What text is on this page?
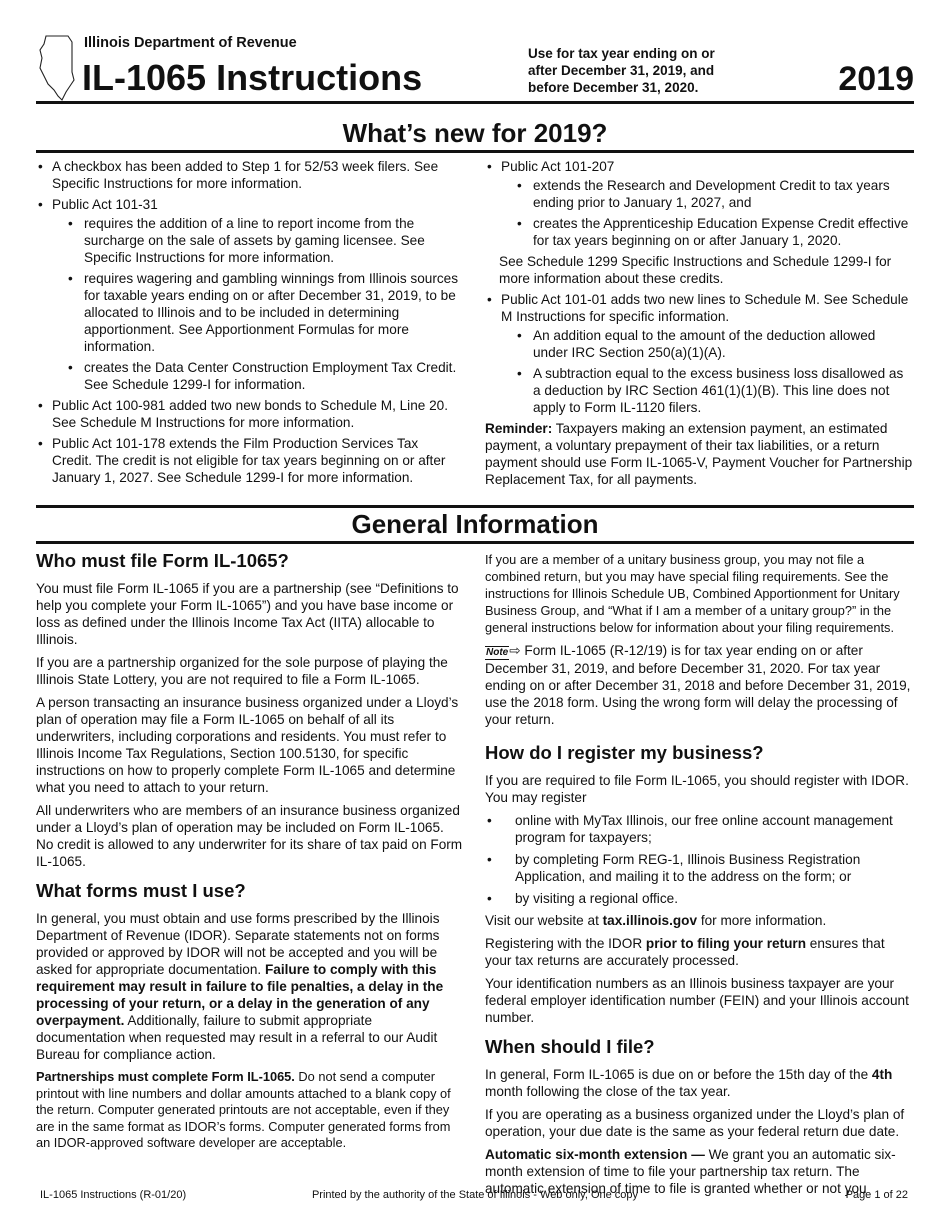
Illinois Department of Revenue
IL-1065 Instructions
Use for tax year ending on or
after December 31, 2019, and
before December 31, 2020.	2019
What’s new for 2019?
• A checkbox has been added to Step 1 for 52/53 week filers. See Specific Instructions for more information.
• Public Act 101-31
• requires the addition of a line to report income from the surcharge on the sale of assets by gaming licensee. See Specific Instructions for more information.
• requires wagering and gambling winnings from Illinois sources for taxable years ending on or after December 31, 2019, to be allocated to Illinois and to be included in determining apportionment. See Apportionment Formulas for more information.
• creates the Data Center Construction Employment Tax Credit. See Schedule 1299-I for information.
• Public Act 100-981 added two new bonds to Schedule M, Line 20. See Schedule M Instructions for more information.
• Public Act 101-178 extends the Film Production Services Tax Credit. The credit is not eligible for tax years beginning on or after January 1, 2027. See Schedule 1299-I for more information.
• Public Act 101-207
• extends the Research and Development Credit to tax years ending prior to January 1, 2027, and
• creates the Apprenticeship Education Expense Credit effective for tax years beginning on or after January 1, 2020.
See Schedule 1299 Specific Instructions and Schedule 1299-I for more information about these credits.
• Public Act 101-01 adds two new lines to Schedule M. See Schedule M Instructions for specific information.
• An addition equal to the amount of the deduction allowed under IRC Section 250(a)(1)(A).
• A subtraction equal to the excess business loss disallowed as a deduction by IRC Section 461(1)(1)(B). This line does not apply to Form IL-1120 filers.

Reminder: Taxpayers making an extension payment, an estimated payment, a voluntary prepayment of their tax liabilities, or a return payment should use Form IL-1065-V, Payment Voucher for Partnership Replacement Tax, for all payments.

General Information
Who must file Form IL-1065?

You must file Form IL-1065 if you are a partnership (see “Definitions to help you complete your Form IL-1065”) and you have base income or loss as defined under the Illinois Income Tax Act (IITA) allocable to Illinois.

If you are a partnership organized for the sole purpose of playing the Illinois State Lottery, you are not required to file a Form IL-1065.

A person transacting an insurance business organized under a Lloyd’s plan of operation may file a Form IL-1065 on behalf of all its underwriters, including corporations and residents. You must refer to Illinois Income Tax Regulations, Section 100.5130, for specific instructions on how to properly complete Form IL-1065 and determine what you need to attach to your return.

All underwriters who are members of an insurance business organized under a Lloyd’s plan of operation may be included on Form IL-1065. No credit is allowed to any underwriter for its share of tax paid on Form IL-1065.

What forms must I use?

In general, you must obtain and use forms prescribed by the Illinois Department of Revenue (IDOR). Separate statements not on forms provided or approved by IDOR will not be accepted and you will be asked for appropriate documentation. Failure to comply with this requirement may result in failure to file penalties, a delay in the processing of your return, or a delay in the generation of any overpayment. Additionally, failure to submit appropriate documentation when requested may result in a referral to our Audit Bureau for compliance action.

Partnerships must complete Form IL-1065. Do not send a computer printout with line numbers and dollar amounts attached to a blank copy of the return. Computer generated printouts are not acceptable, even if they are in the same format as IDOR’s forms. Computer generated forms from an IDOR-approved software developer are acceptable.

If you are a member of a unitary business group, you may not file a combined return, but you may have special filing requirements. See the instructions for Illinois Schedule UB, Combined Apportionment for Unitary Business Group, and “What if I am a member of a unitary group?” in the general instructions below for information about your filing requirements.

Note⇨ Form IL-1065 (R-12/19) is for tax year ending on or after December 31, 2019, and before December 31, 2020. For tax year ending on or after December 31, 2018 and before December 31, 2019, use the 2018 form. Using the wrong form will delay the processing of your return.

How do I register my business?

If you are required to file Form IL-1065, you should register with IDOR. You may register

• online with MyTax Illinois, our free online account management program for taxpayers;
• by completing Form REG-1, Illinois Business Registration Application, and mailing it to the address on the form; or
• by visiting a regional office.

Visit our website at tax.illinois.gov for more information.

Registering with the IDOR prior to filing your return ensures that your tax returns are accurately processed.

Your identification numbers as an Illinois business taxpayer are your federal employer identification number (FEIN) and your Illinois account number.

When should I file?

In general, Form IL-1065 is due on or before the 15th day of the 4th month following the close of the tax year.

If you are operating as a business organized under the Lloyd’s plan of operation, your due date is the same as your federal return due date.

Automatic six-month extension — We grant you an automatic six-month extension of time to file your partnership tax return. The automatic extension of time to file is granted whether or not you

IL-1065 Instructions (R-01/20)	Printed by the authority of the State of Illinois - Web only, One copy	Page 1 of 22
